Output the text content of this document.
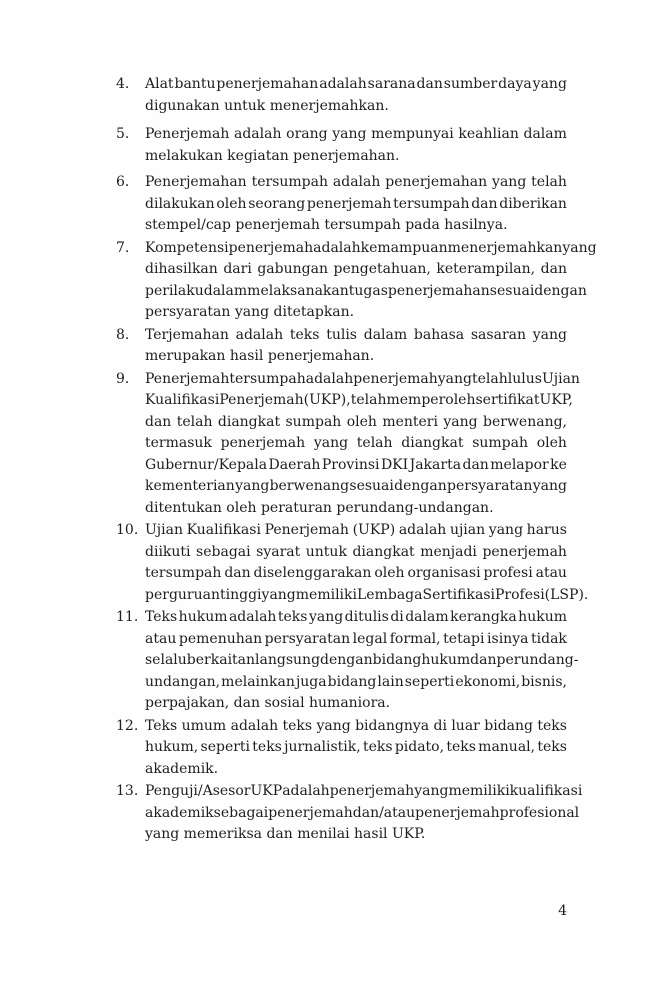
4.	Alat bantu penerjemahan adalah sarana dan sumber daya yang
digunakan untuk menerjemahkan.
5.	Penerjemah adalah orang yang mempunyai keahlian dalam
melakukan kegiatan penerjemahan.
6.	Penerjemahan tersumpah adalah penerjemahan yang telah
dilakukan oleh seorang penerjemah tersumpah dan diberikan
stempel/cap penerjemah tersumpah pada hasilnya.
7.	Kompetensi penerjemah adalah kemampuan menerjemahkan yang
dihasilkan dari gabungan pengetahuan, keterampilan, dan
perilaku dalam melaksanakan tugas penerjemahan sesuai dengan
persyaratan yang ditetapkan.
8.	Terjemahan adalah teks tulis dalam bahasa sasaran yang
merupakan hasil penerjemahan.
9.	Penerjemah tersumpah adalah penerjemah yang telah lulus Ujian
Kualifikasi Penerjemah (UKP), telah memperoleh sertifikat UKP,
dan telah diangkat sumpah oleh menteri yang berwenang,
termasuk penerjemah yang telah diangkat sumpah oleh
Gubernur/Kepala Daerah Provinsi DKI Jakarta dan melapor ke
kementerian yang berwenang sesuai dengan persyaratan yang
ditentukan oleh peraturan perundang-undangan.
10. Ujian Kualifikasi Penerjemah (UKP) adalah ujian yang harus
diikuti sebagai syarat untuk diangkat menjadi penerjemah
tersumpah dan diselenggarakan oleh organisasi profesi atau
perguruan tinggi yang memiliki Lembaga Sertifikasi Profesi (LSP).
11. Teks hukum adalah teks yang ditulis di dalam kerangka hukum
atau pemenuhan persyaratan legal formal, tetapi isinya tidak
selalu berkaitan langsung dengan bidang hukum dan perundang-
undangan, melainkan juga bidang lain seperti ekonomi, bisnis,
perpajakan, dan sosial humaniora.
12. Teks umum adalah teks yang bidangnya di luar bidang teks
hukum, seperti teks jurnalistik, teks pidato, teks manual, teks
akademik.
13. Penguji/Asesor UKP adalah penerjemah yang memiliki kualifikasi
akademik sebagai penerjemah dan/atau penerjemah profesional
yang memeriksa dan menilai hasil UKP.
4
